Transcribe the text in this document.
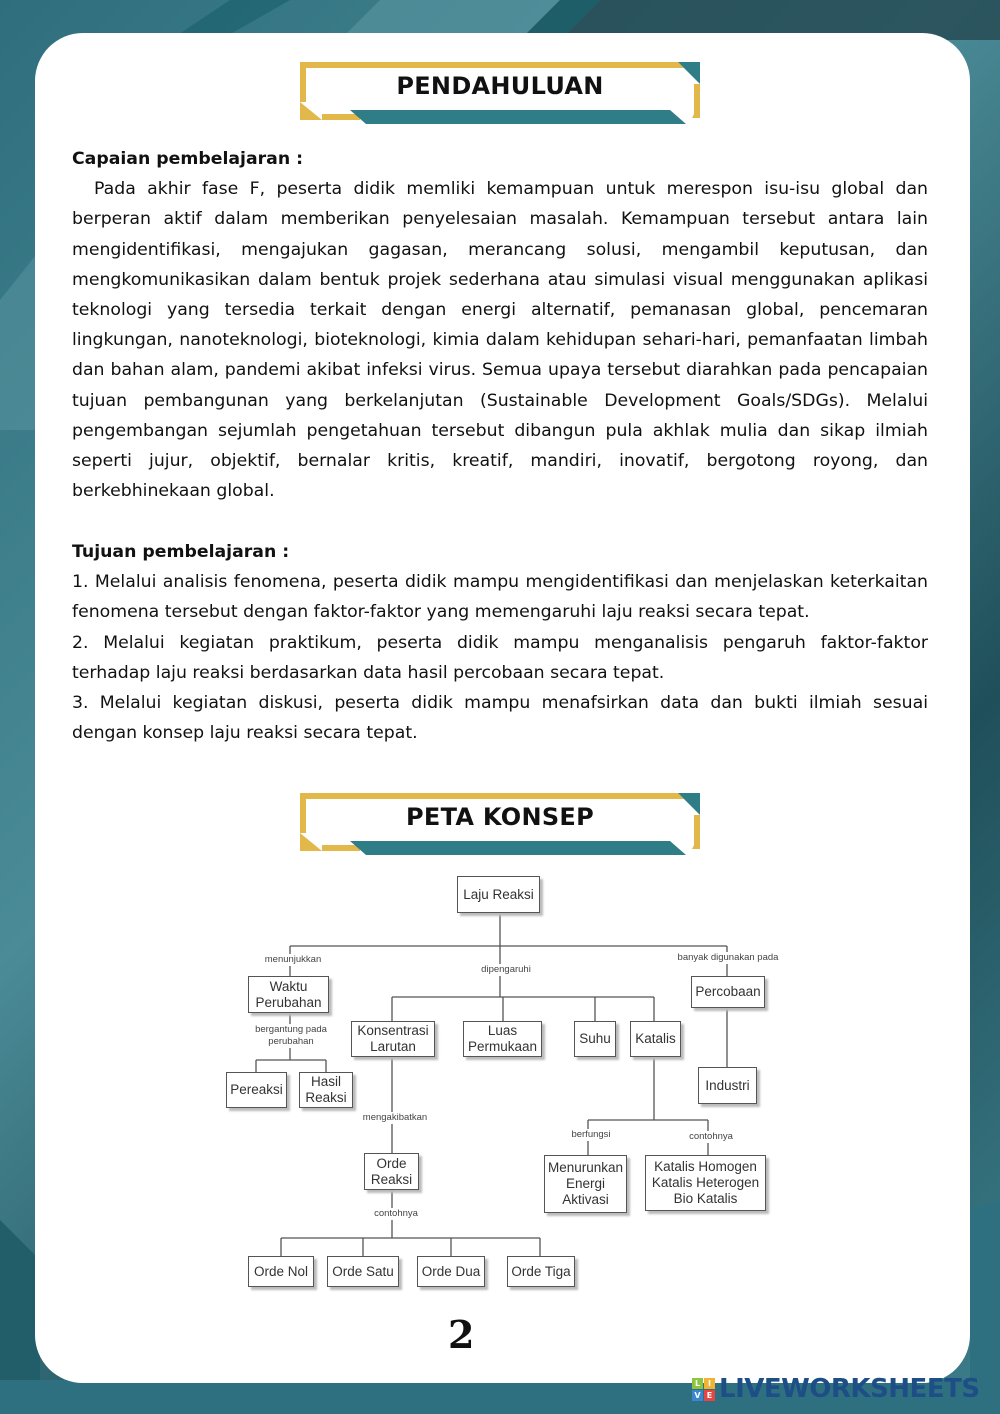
PENDAHULUAN

Capaian pembelajaran :

Pada akhir fase F, peserta didik memliki kemampuan untuk merespon isu-isu global dan berperan aktif dalam memberikan penyelesaian masalah. Kemampuan tersebut antara lain mengidentifikasi, mengajukan gagasan, merancang solusi, mengambil keputusan, dan mengkomunikasikan dalam bentuk projek sederhana atau simulasi visual menggunakan aplikasi teknologi yang tersedia terkait dengan energi alternatif, pemanasan global, pencemaran lingkungan, nanoteknologi, bioteknologi, kimia dalam kehidupan sehari-hari, pemanfaatan limbah dan bahan alam, pandemi akibat infeksi virus. Semua upaya tersebut diarahkan pada pencapaian tujuan pembangunan yang berkelanjutan (Sustainable Development Goals/SDGs). Melalui pengembangan sejumlah pengetahuan tersebut dibangun pula akhlak mulia dan sikap ilmiah seperti jujur, objektif, bernalar kritis, kreatif, mandiri, inovatif, bergotong royong, dan berkebhinekaan global.

Tujuan pembelajaran :

1. Melalui analisis fenomena, peserta didik mampu mengidentifikasi dan menjelaskan keterkaitan fenomena tersebut dengan faktor-faktor yang memengaruhi laju reaksi secara tepat.

2. Melalui kegiatan praktikum, peserta didik mampu menganalisis pengaruh faktor-faktor terhadap laju reaksi berdasarkan data hasil percobaan secara tepat.

3. Melalui kegiatan diskusi, peserta didik mampu menafsirkan data dan bukti ilmiah sesuai dengan konsep laju reaksi secara tepat.

PETA KONSEP
Laju Reaksi
Waktu
Perubahan
Konsentrasi
Larutan
Luas
Permukaan
Suhu	Katalis
Percobaan
Industri
Pereaksi
Hasil
Reaksi
Orde
Reaksi
Menurunkan
Energi
Aktivasi
Katalis Homogen
Katalis Heterogen
Bio Katalis
Orde Nol	Orde Satu	Orde Dua	Orde Tiga
menunjukkan
dipengaruhi
banyak digunakan pada
bergantung pada
perubahan
mengakibatkan
contohnya
berfungsi	contohnya
2
L I
V E LIVEWORKSHEETS
